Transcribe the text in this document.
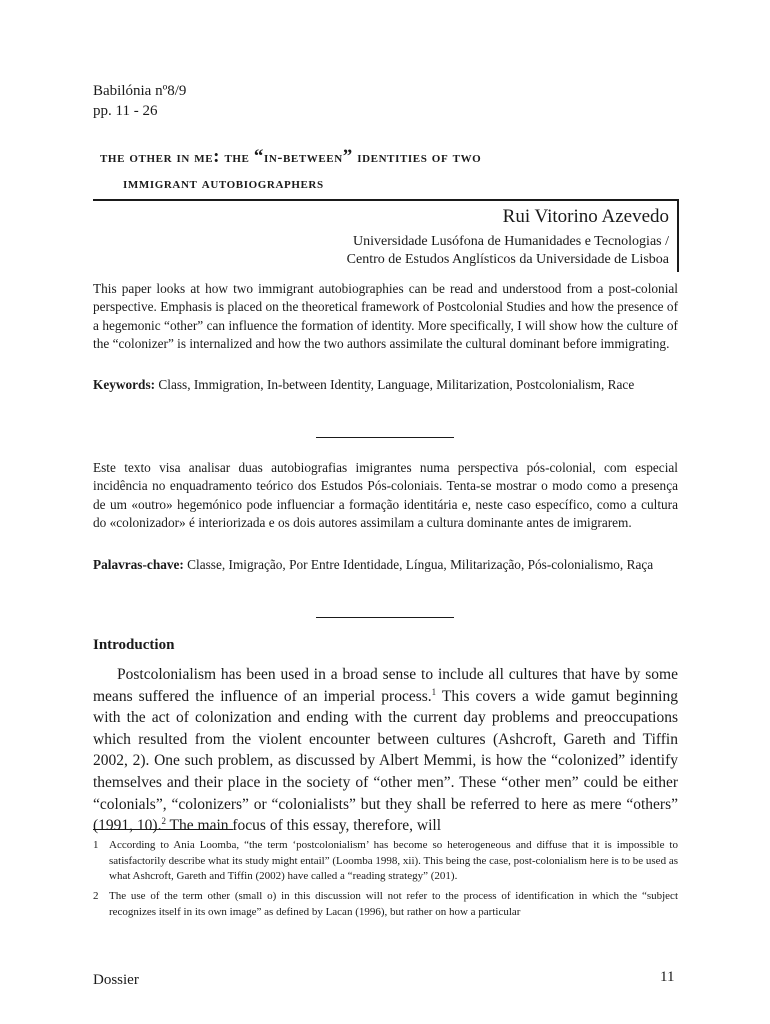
Babilónia nº8/9
pp. 11 - 26
the other in me: the “in-between” identities of two
immigrant autobiographers
Rui Vitorino Azevedo
Universidade Lusófona de Humanidades e Tecnologias /
Centro de Estudos Anglísticos da Universidade de Lisboa
This paper looks at how two immigrant autobiographies can be read and understood from a post-colonial perspective. Emphasis is placed on the theoretical framework of Postcolonial Studies and how the presence of a hegemonic “other” can influence the formation of identity. More specifically, I will show how the culture of the “colonizer” is internalized and how the two authors assimilate the cultural dominant before immigrating.
Keywords: Class, Immigration, In-between Identity, Language, Militarization, Postcolonialism, Race
Este texto visa analisar duas autobiografias imigrantes numa perspectiva pós-colonial, com especial incidência no enquadramento teórico dos Estudos Pós-coloniais. Tenta-se mostrar o modo como a presença de um «outro» hegemónico pode influenciar a formação identitária e, neste caso específico, como a cultura do «colonizador» é interiorizada e os dois autores assimilam a cultura dominante antes de imigrarem.
Palavras-chave: Classe, Imigração, Por Entre Identidade, Língua, Militarização, Pós-colonialismo, Raça
Introduction

Postcolonialism has been used in a broad sense to include all cultures that have by some means suffered the influence of an imperial process.$^1$ This covers a wide gamut beginning with the act of colonization and ending with the current day problems and preoccupations which resulted from the violent encounter between cultures (Ashcroft, Gareth and Tiffin 2002, 2). One such problem, as discussed by Albert Memmi, is how the “colonized” identify themselves and their place in the society of “other men”. These “other men” could be either “colonials”, “colonizers” or “colonialists” but they shall be referred to here as mere “others” (1991, 10).$^2$ The main focus of this essay, therefore, will

1 According to Ania Loomba, “the term ‘postcolonialism’ has become so heterogeneous and diffuse that it is impossible to satisfactorily describe what its study might entail” (Loomba 1998, xii). This being the case, post-colonialism here is to be used as what Ashcroft, Gareth and Tiffin (2002) have called a “reading strategy” (201).
2 The use of the term other (small o) in this discussion will not refer to the process of identification in which the “subject recognizes itself in its own image” as defined by Lacan (1996), but rather on how a particular
Dossier	11
